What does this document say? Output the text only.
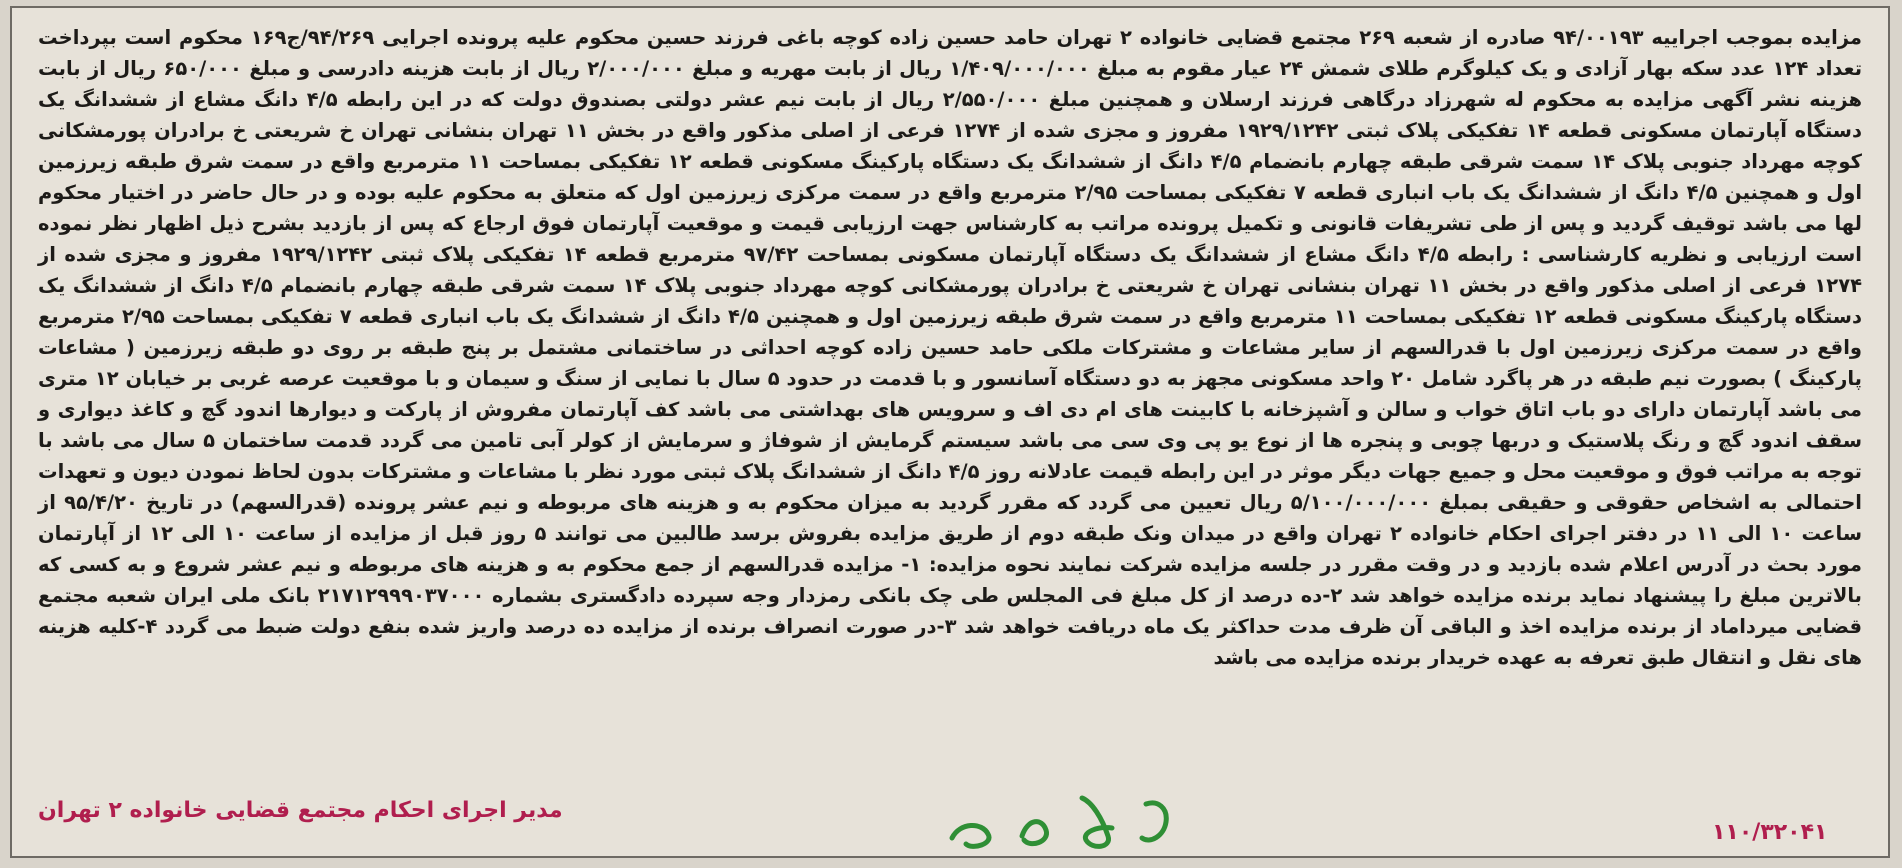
مزایده بموجب اجراییه ۹۴/۰۰۱۹۳ صادره از شعبه ۲۶۹ مجتمع قضایی خانواده ۲ تهران حامد حسین زاده کوچه باغی فرزند حسین محکوم علیه پرونده اجرایی ۹۴/۲۶۹/ج۱۶۹ محکوم است بپرداخت تعداد ۱۲۴ عدد سکه بهار آزادی و یک کیلوگرم طلای شمش ۲۴ عیار مقوم به مبلغ ۱/۴۰۹/۰۰۰/۰۰۰ ریال از بابت مهریه و مبلغ ۲/۰۰۰/۰۰۰ ریال از بابت هزینه دادرسی و مبلغ ۶۵۰/۰۰۰ ریال از بابت هزینه نشر آگهی مزایده به محکوم له شهرزاد درگاهی فرزند ارسلان و همچنین مبلغ ۲/۵۵۰/۰۰۰ ریال از بابت نیم عشر دولتی بصندوق دولت که در این رابطه ۴/۵ دانگ مشاع از ششدانگ یک دستگاه آپارتمان مسکونی قطعه ۱۴ تفکیکی پلاک ثبتی ۱۹۲۹/۱۲۴۲ مفروز و مجزی شده از ۱۲۷۴ فرعی از اصلی مذکور واقع در بخش ۱۱ تهران بنشانی تهران خ شریعتی خ برادران پورمشکانی کوچه مهرداد جنوبی پلاک ۱۴ سمت شرقی طبقه چهارم بانضمام ۴/۵ دانگ از ششدانگ یک دستگاه پارکینگ مسکونی قطعه ۱۲ تفکیکی بمساحت ۱۱ مترمربع واقع در سمت شرق طبقه زیرزمین اول و همچنین ۴/۵ دانگ از ششدانگ یک باب انباری قطعه ۷ تفکیکی بمساحت ۲/۹۵ مترمربع واقع در سمت مرکزی زیرزمین اول که متعلق به محکوم علیه بوده و در حال حاضر در اختیار محکوم لها می باشد توقیف گردید و پس از طی تشریفات قانونی و تکمیل پرونده مراتب به کارشناس جهت ارزیابی قیمت و موقعیت آپارتمان فوق ارجاع که پس از بازدید بشرح ذیل اظهار نظر نموده است ارزیابی و نظریه کارشناسی : رابطه ۴/۵ دانگ مشاع از ششدانگ یک دستگاه آپارتمان مسکونی بمساحت ۹۷/۴۲ مترمربع قطعه ۱۴ تفکیکی پلاک ثبتی ۱۹۲۹/۱۲۴۲ مفروز و مجزی شده از ۱۲۷۴ فرعی از اصلی مذکور واقع در بخش ۱۱ تهران بنشانی تهران خ شریعتی خ برادران پورمشکانی کوچه مهرداد جنوبی پلاک ۱۴ سمت شرقی طبقه چهارم بانضمام ۴/۵ دانگ از ششدانگ یک دستگاه پارکینگ مسکونی قطعه ۱۲ تفکیکی بمساحت ۱۱ مترمربع واقع در سمت شرق طبقه زیرزمین اول و همچنین ۴/۵ دانگ از ششدانگ یک باب انباری قطعه ۷ تفکیکی بمساحت ۲/۹۵ مترمربع واقع در سمت مرکزی زیرزمین اول با قدرالسهم از سایر مشاعات و مشترکات ملکی حامد حسین زاده کوچه احداثی در ساختمانی مشتمل بر پنج طبقه بر روی دو طبقه زیرزمین ( مشاعات پارکینگ ) بصورت نیم طبقه در هر پاگرد شامل ۲۰ واحد مسکونی مجهز به دو دستگاه آسانسور و با قدمت در حدود ۵ سال با نمایی از سنگ و سیمان و با موقعیت عرصه غربی بر خیابان ۱۲ متری می باشد آپارتمان دارای دو باب اتاق خواب و سالن و آشپزخانه با کابینت های ام دی اف و سرویس های بهداشتی می باشد کف آپارتمان مفروش از پارکت و دیوارها اندود گچ و کاغذ دیواری و سقف اندود گچ و رنگ پلاستیک و دربها چوبی و پنجره ها از نوع یو پی وی سی می باشد سیستم گرمایش از شوفاژ و سرمایش از کولر آبی تامین می گردد قدمت ساختمان ۵ سال می باشد با توجه به مراتب فوق و موقعیت محل و جمیع جهات دیگر موثر در این رابطه قیمت عادلانه روز ۴/۵ دانگ از ششدانگ پلاک ثبتی مورد نظر با مشاعات و مشترکات بدون لحاظ نمودن دیون و تعهدات احتمالی به اشخاص حقوقی و حقیقی بمبلغ ۵/۱۰۰/۰۰۰/۰۰۰ ریال تعیین می گردد که مقرر گردید به میزان محکوم به و هزینه های مربوطه و نیم عشر پرونده (قدرالسهم) در تاریخ ۹۵/۴/۲۰ از ساعت ۱۰ الی ۱۱ در دفتر اجرای احکام خانواده ۲ تهران واقع در میدان ونک طبقه دوم از طریق مزایده بفروش برسد طالبین می توانند ۵ روز قبل از مزایده از ساعت ۱۰ الی ۱۲ از آپارتمان مورد بحث در آدرس اعلام شده بازدید و در وقت مقرر در جلسه مزایده شرکت نمایند نحوه مزایده: ۱- مزایده قدرالسهم از جمع محکوم به و هزینه های مربوطه و نیم عشر شروع و به کسی که بالاترین مبلغ را پیشنهاد نماید برنده مزایده خواهد شد ۲-ده درصد از کل مبلغ فی المجلس طی چک بانکی رمزدار وجه سپرده دادگستری بشماره ۲۱۷۱۲۹۹۹۰۳۷۰۰۰ بانک ملی ایران شعبه مجتمع قضایی میرداماد از برنده مزایده اخذ و الباقی آن ظرف مدت حداکثر یک ماه دریافت خواهد شد ۳-در صورت انصراف برنده از مزایده ده درصد واریز شده بنفع دولت ضبط می گردد ۴-کلیه هزینه های نقل و انتقال طبق تعرفه به عهده خریدار برنده مزایده می باشد

مدیر اجرای احکام مجتمع قضایی خانواده ۲ تهران
۱۱۰/۳۲۰۴۱
